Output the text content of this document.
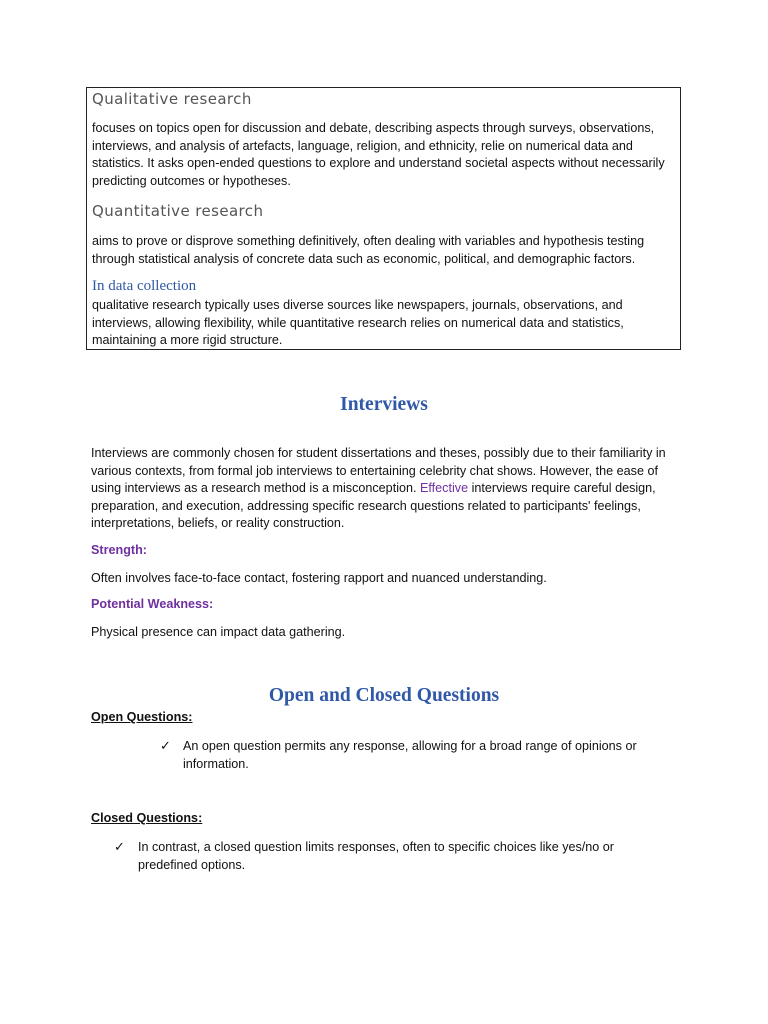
Qualitative research

focuses on topics open for discussion and debate, describing aspects through surveys, observations, interviews, and analysis of artefacts, language, religion, and ethnicity, relie on numerical data and statistics. It asks open-ended questions to explore and understand societal aspects without necessarily predicting outcomes or hypotheses.

Quantitative research

aims to prove or disprove something definitively, often dealing with variables and hypothesis testing through statistical analysis of concrete data such as economic, political, and demographic factors.

In data collection

qualitative research typically uses diverse sources like newspapers, journals, observations, and interviews, allowing flexibility, while quantitative research relies on numerical data and statistics, maintaining a more rigid structure.

Interviews

Interviews are commonly chosen for student dissertations and theses, possibly due to their familiarity in various contexts, from formal job interviews to entertaining celebrity chat shows. However, the ease of using interviews as a research method is a misconception. Effective interviews require careful design, preparation, and execution, addressing specific research questions related to participants' feelings, interpretations, beliefs, or reality construction.

Strength:

Often involves face-to-face contact, fostering rapport and nuanced understanding.

Potential Weakness:

Physical presence can impact data gathering.

Open and Closed Questions

Open Questions:

✓ An open question permits any response, allowing for a broad range of opinions or information.

Closed Questions:

✓ In contrast, a closed question limits responses, often to specific choices like yes/no or predefined options.
